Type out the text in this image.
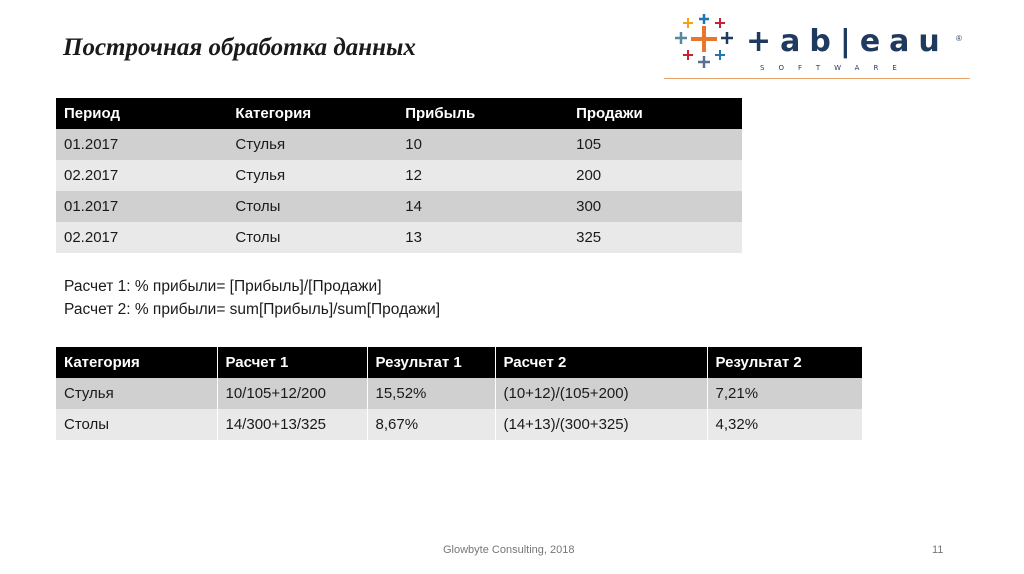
Построчная обработка данных	+ab|eau ®
SOFTWARE
Период	Категория	Прибыль	Продажи
01.2017	Стулья	10	105
02.2017	Стулья	12	200
01.2017	Столы	14	300
02.2017	Столы	13	325
Расчет 1: % прибыли= [Прибыль]/[Продажи]
Расчет 2: % прибыли= sum[Прибыль]/sum[Продажи]
Категория	Расчет 1	Результат 1	Расчет 2	Результат 2
Стулья	10/105+12/200	15,52%	(10+12)/(105+200)	7,21%
Столы	14/300+13/325	8,67%	(14+13)/(300+325)	4,32%
Glowbyte Consulting, 2018	11
